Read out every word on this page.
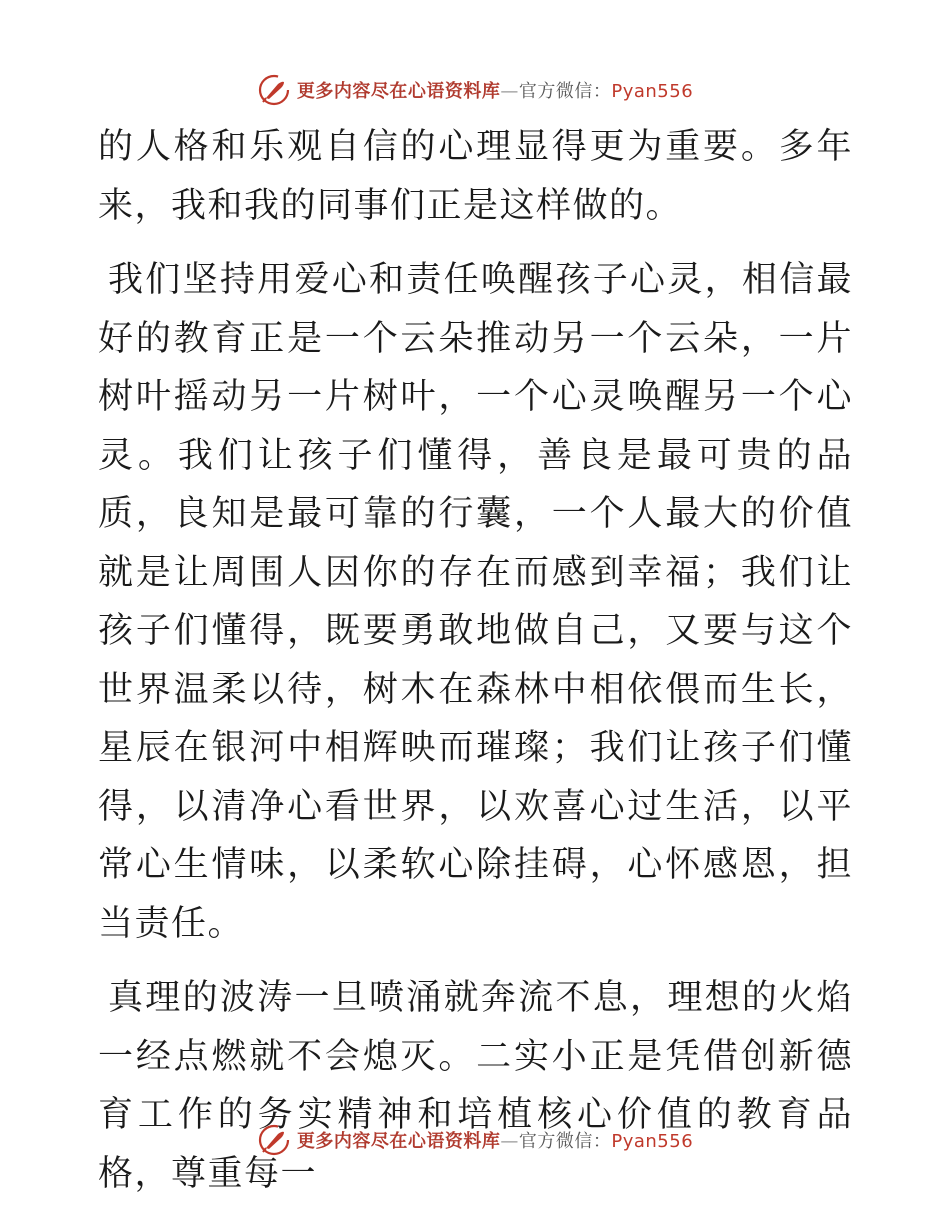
更多内容尽在心语资料库—官方微信：Pyan556

的人格和乐观自信的心理显得更为重要。多年来，我和我的同事们正是这样做的。

我们坚持用爱心和责任唤醒孩子心灵，相信最好的教育正是一个云朵推动另一个云朵，一片树叶摇动另一片树叶，一个心灵唤醒另一个心灵。我们让孩子们懂得，善良是最可贵的品质，良知是最可靠的行囊，一个人最大的价值就是让周围人因你的存在而感到幸福；我们让孩子们懂得，既要勇敢地做自己，又要与这个世界温柔以待，树木在森林中相依偎而生长，星辰在银河中相辉映而璀璨；我们让孩子们懂得，以清净心看世界，以欢喜心过生活，以平常心生情味，以柔软心除挂碍，心怀感恩，担当责任。

真理的波涛一旦喷涌就奔流不息，理想的火焰一经点燃就不会熄灭。二实小正是凭借创新德育工作的务实精神和培植核心价值的教育品格，尊重每一

更多内容尽在心语资料库—官方微信：Pyan556
